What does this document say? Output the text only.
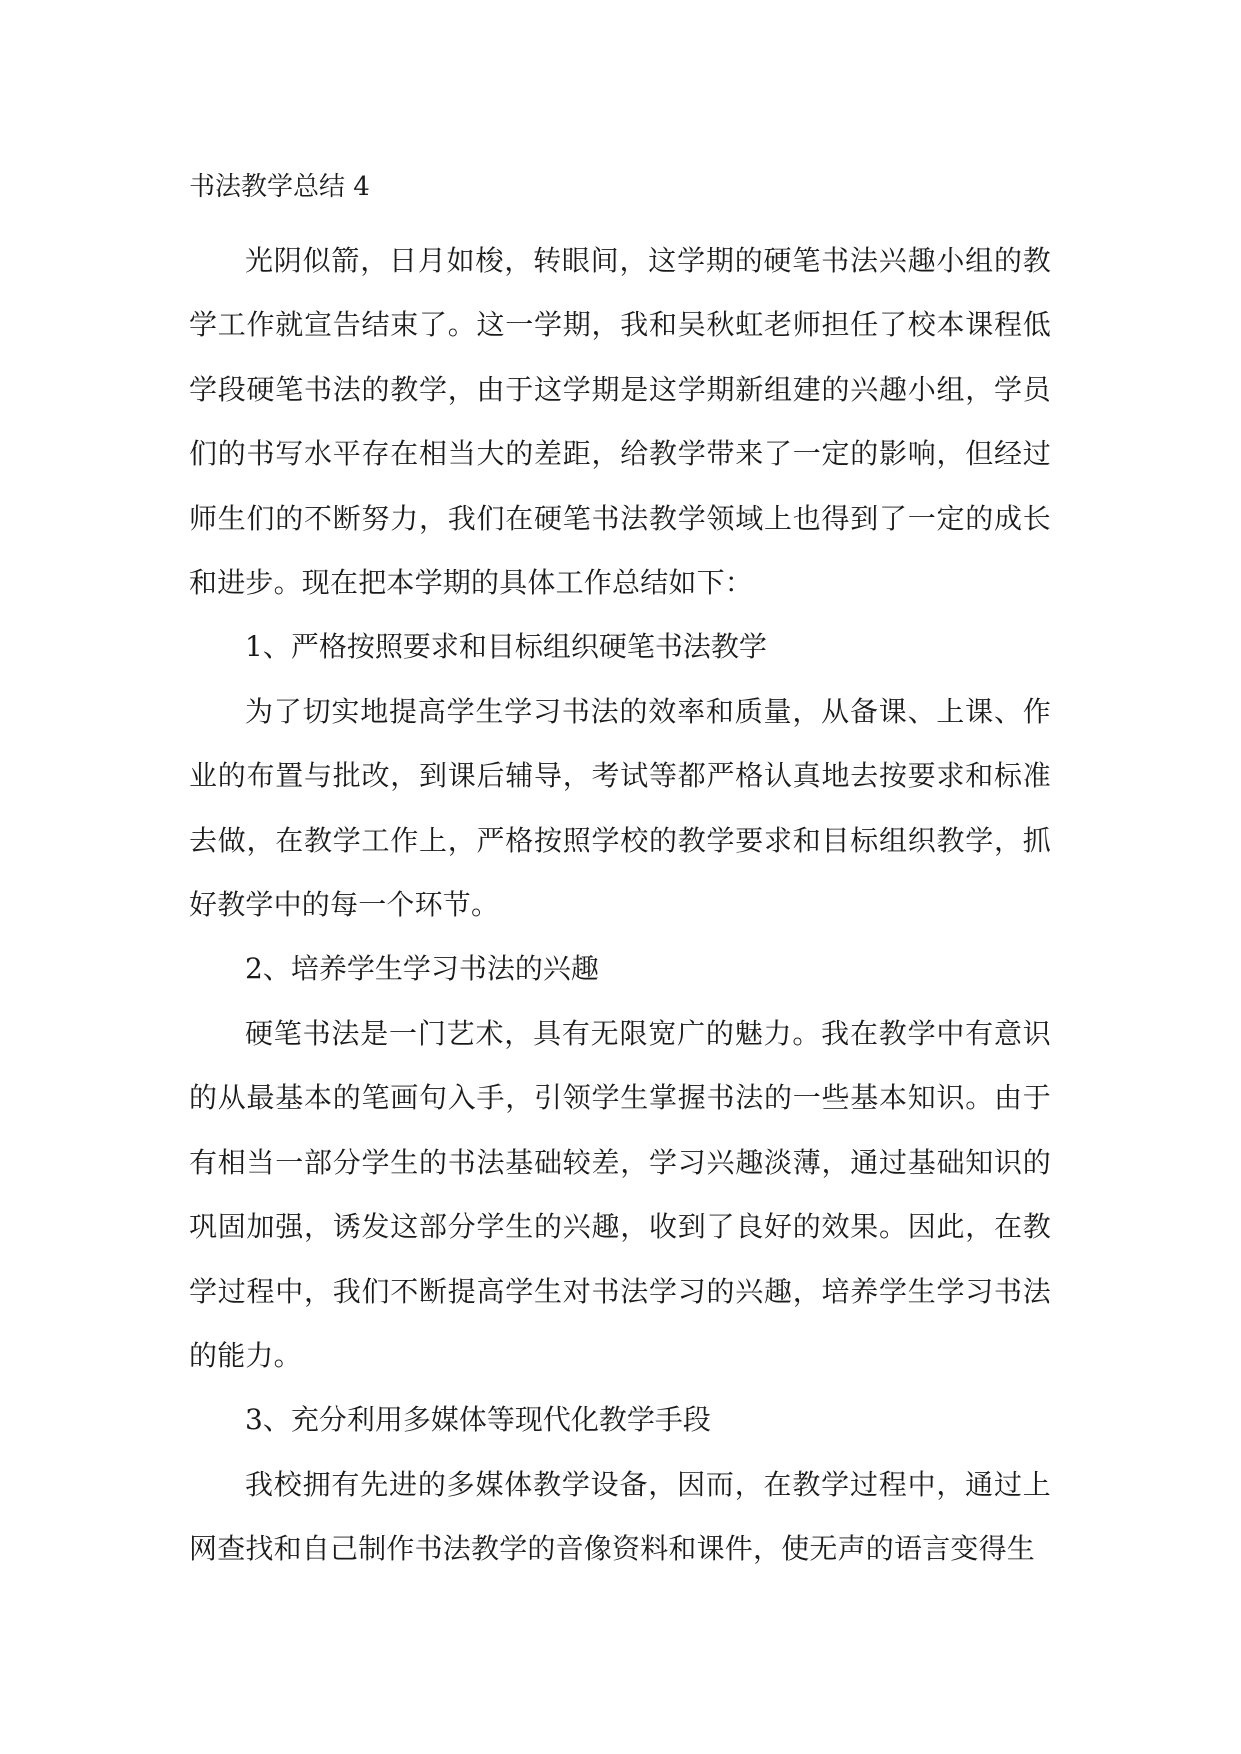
书法教学总结 4

光阴似箭，日月如梭，转眼间，这学期的硬笔书法兴趣小组的教学工作就宣告结束了。这一学期，我和吴秋虹老师担任了校本课程低学段硬笔书法的教学，由于这学期是这学期新组建的兴趣小组，学员们的书写水平存在相当大的差距，给教学带来了一定的影响，但经过师生们的不断努力，我们在硬笔书法教学领域上也得到了一定的成长和进步。现在把本学期的具体工作总结如下：

1、严格按照要求和目标组织硬笔书法教学

为了切实地提高学生学习书法的效率和质量，从备课、上课、作业的布置与批改，到课后辅导，考试等都严格认真地去按要求和标准去做，在教学工作上，严格按照学校的教学要求和目标组织教学，抓好教学中的每一个环节。

2、培养学生学习书法的兴趣

硬笔书法是一门艺术，具有无限宽广的魅力。我在教学中有意识的从最基本的笔画句入手，引领学生掌握书法的一些基本知识。由于有相当一部分学生的书法基础较差，学习兴趣淡薄，通过基础知识的巩固加强，诱发这部分学生的兴趣，收到了良好的效果。因此，在教学过程中，我们不断提高学生对书法学习的兴趣，培养学生学习书法的能力。

3、充分利用多媒体等现代化教学手段

我校拥有先进的多媒体教学设备，因而，在教学过程中，通过上网查找和自己制作书法教学的音像资料和课件，使无声的语言变得生
